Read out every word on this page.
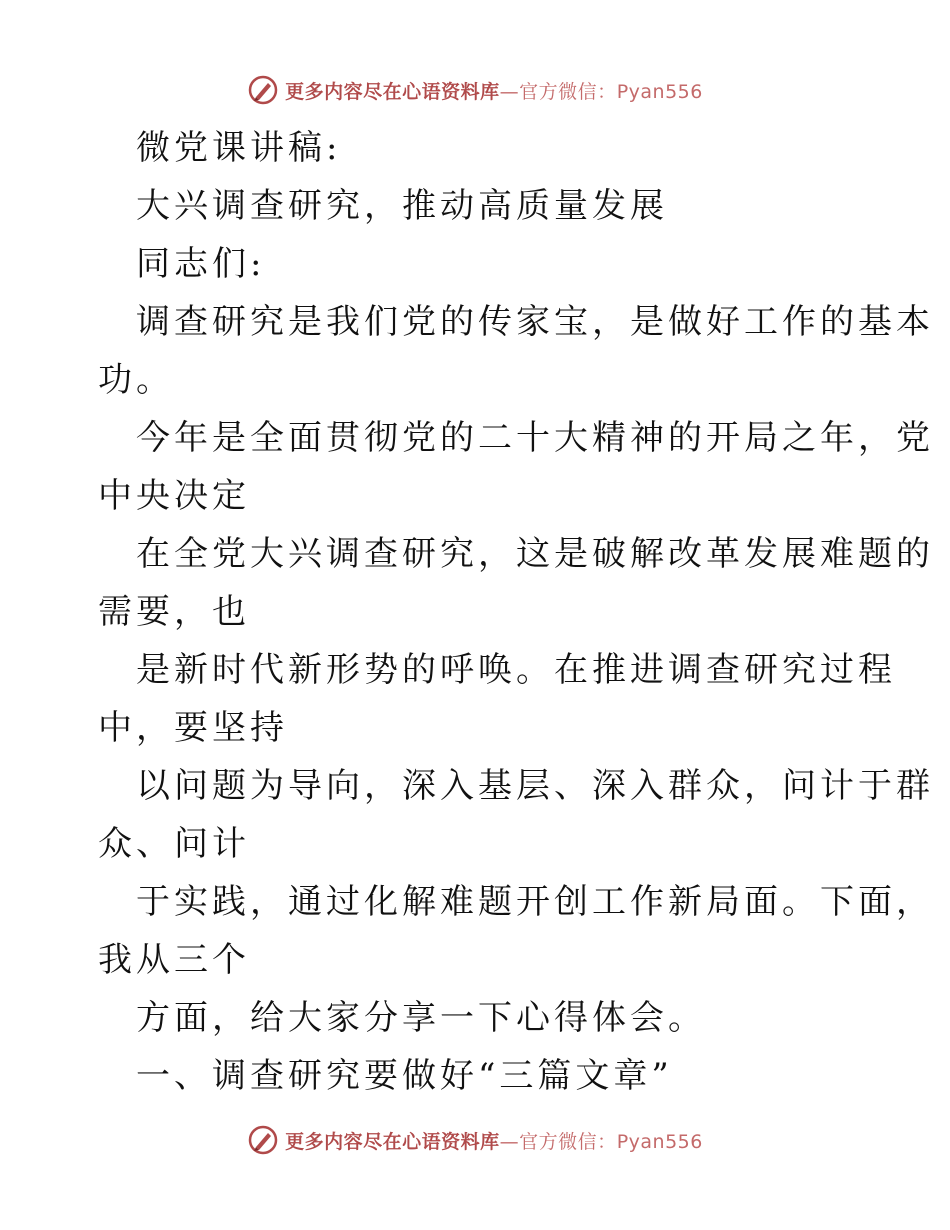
更多内容尽在心语资料库—官方微信：Pyan556
微党课讲稿:
大兴调查研究，推动高质量发展
同志们:
调查研究是我们党的传家宝，是做好工作的基本
功。
今年是全面贯彻党的二十大精神的开局之年，党
中央决定
在全党大兴调查研究，这是破解改革发展难题的
需要，也
是新时代新形势的呼唤。在推进调查研究过程
中，要坚持
以问题为导向，深入基层、深入群众，问计于群
众、问计
于实践，通过化解难题开创工作新局面。下面，
我从三个
方面，给大家分享一下心得体会。
一、调查研究要做好“三篇文章”
更多内容尽在心语资料库—官方微信：Pyan556
